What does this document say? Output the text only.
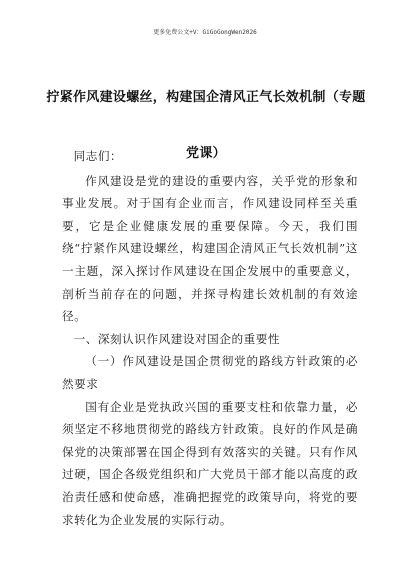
更多免费公文+V：GiGoGongWen2026
拧紧作风建设螺丝，构建国企清风正气长效机制（专题党课）

同志们：

作风建设是党的建设的重要内容，关乎党的形象和事业发展。对于国有企业而言，作风建设同样至关重要，它是企业健康发展的重要保障。今天，我们围绕“拧紧作风建设螺丝，构建国企清风正气长效机制”这一主题，深入探讨作风建设在国企发展中的重要意义，剖析当前存在的问题，并探寻构建长效机制的有效途径。

一、深刻认识作风建设对国企的重要性

（一）作风建设是国企贯彻党的路线方针政策的必然要求

国有企业是党执政兴国的重要支柱和依靠力量，必须坚定不移地贯彻党的路线方针政策。良好的作风是确保党的决策部署在国企得到有效落实的关键。只有作风过硬，国企各级党组织和广大党员干部才能以高度的政治责任感和使命感，准确把握党的政策导向，将党的要求转化为企业发展的实际行动。
